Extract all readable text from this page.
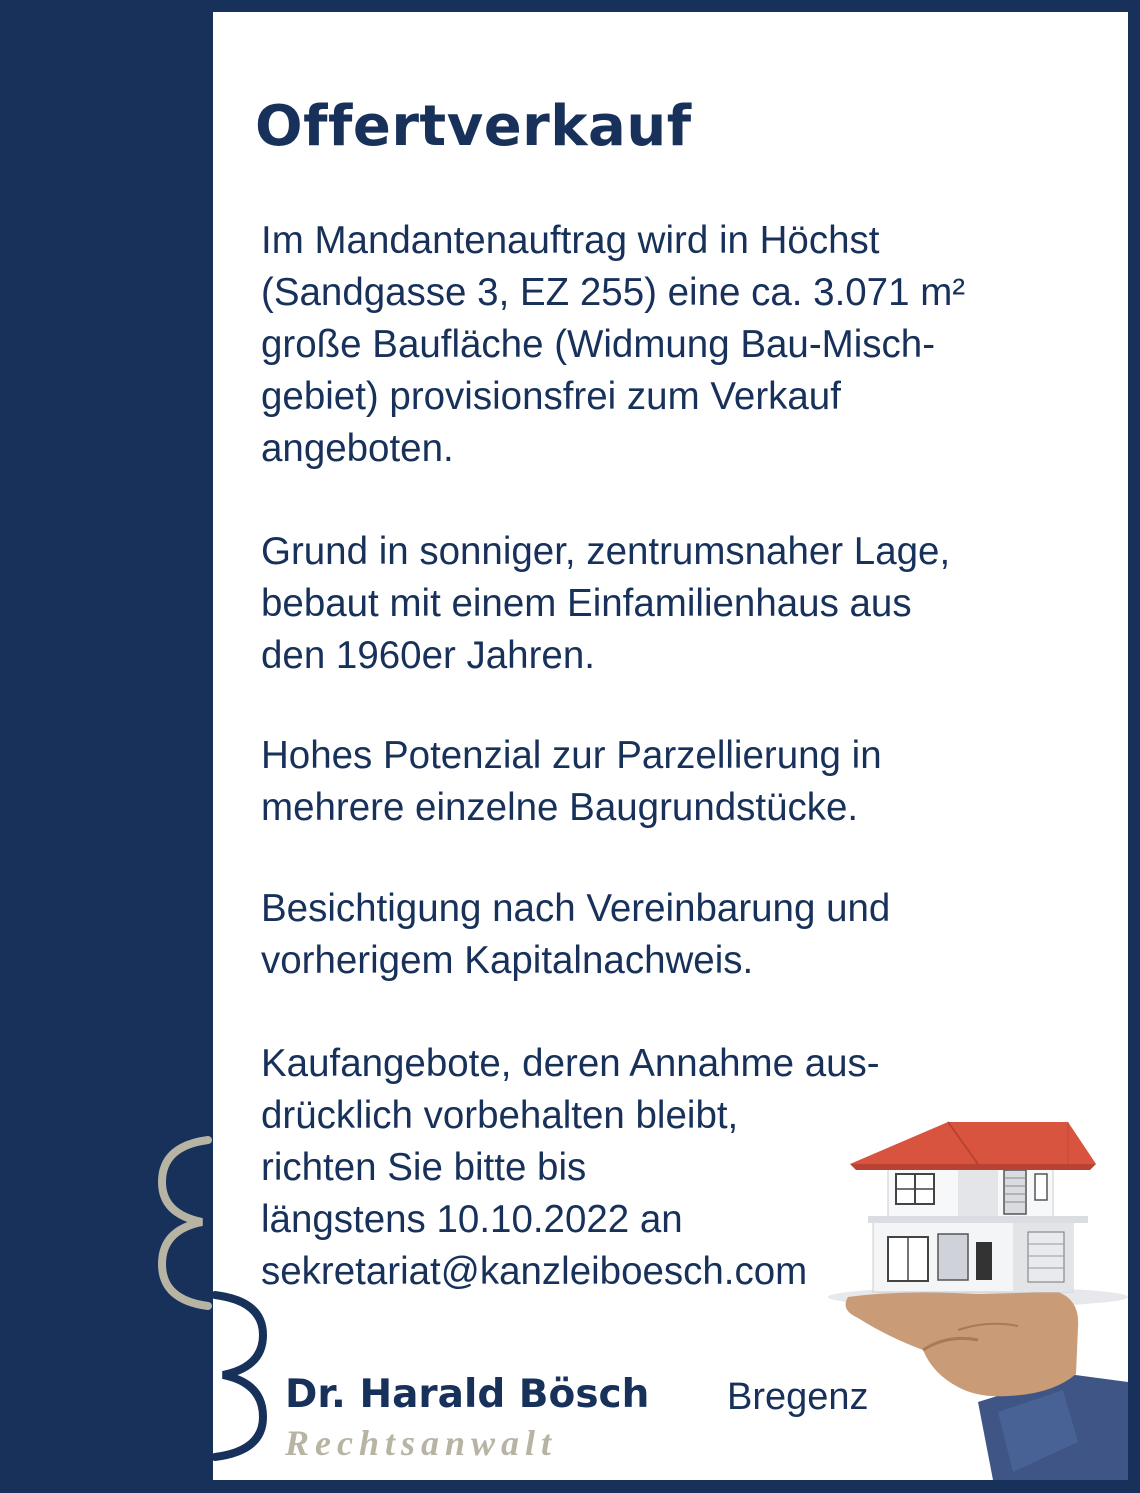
Offertverkauf

Im Mandantenauftrag wird in Höchst
(Sandgasse 3, EZ 255) eine ca. 3.071 m²
große Baufläche (Widmung Bau-Misch-
gebiet) provisionsfrei zum Verkauf
angeboten.

Grund in sonniger, zentrumsnaher Lage,
bebaut mit einem Einfamilienhaus aus
den 1960er Jahren.

Hohes Potenzial zur Parzellierung in
mehrere einzelne Baugrundstücke.

Besichtigung nach Vereinbarung und
vorherigem Kapitalnachweis.

Kaufangebote, deren Annahme aus-
drücklich vorbehalten bleibt,
richten Sie bitte bis
längstens 10.10.2022 an
sekretariat@kanzleiboesch.com

Dr. Harald Bösch Bregenz

Rechtsanwalt
